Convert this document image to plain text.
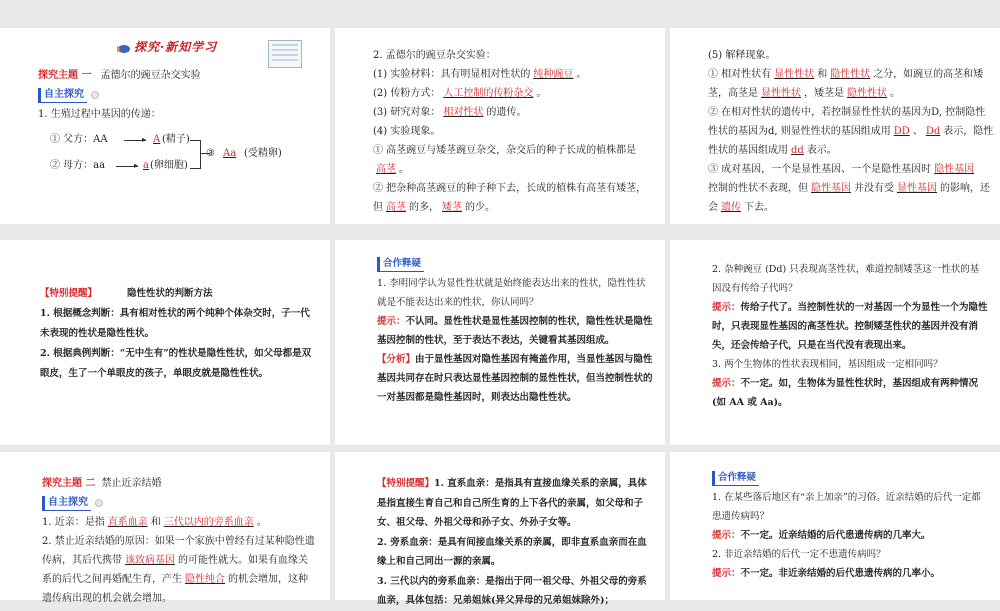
探究·新知学习

探究主题 一 孟德尔的豌豆杂交实验

自主探究

1. 生殖过程中基因的传递：

① 父方：AA	▸ A (精子)
② 母方：aa	▸ a (卵细胞)
③ Aa (受精卵)

2. 孟德尔的豌豆杂交实验：

(1) 实验材料：具有明显相对性状的 纯种豌豆 。

(2) 传粉方式： 人工控制的传粉杂交 。

(3) 研究对象： 相对性状 的遗传。

(4) 实验现象。

① 高茎豌豆与矮茎豌豆杂交，杂交后的种子长成的植株都是

高茎 。

② 把杂种高茎豌豆的种子种下去，长成的植株有高茎有矮茎，

但 高茎 的多， 矮茎 的少。

(5) 解释现象。

① 相对性状有 显性性状 和 隐性性状 之分，如豌豆的高茎和矮

茎，高茎是 显性性状 ，矮茎是 隐性性状 。

② 在相对性状的遗传中，若控制显性性状的基因为D, 控制隐性

性状的基因为d, 则显性性状的基因组成用 DD 、 Dd 表示，隐性

性状的基因组成用 dd 表示。

③ 成对基因，一个是显性基因、一个是隐性基因时 隐性基因

控制的性状不表现，但 隐性基因 并没有受 显性基因 的影响，还

会 遗传 下去。

【特别提醒】	隐性性状的判断方法

1. 根据概念判断：具有相对性状的两个纯种个体杂交时，子一代未表现的性状是隐性性状。

2. 根据典例判断：“无中生有”的性状是隐性性状，如父母都是双眼皮，生了一个单眼皮的孩子，单眼皮就是隐性性状。

合作释疑

1. 李明同学认为显性性状就是始终能表达出来的性状，隐性性状就是不能表达出来的性状，你认同吗？

提示：不认同。显性性状是显性基因控制的性状，隐性性状是隐性基因控制的性状，至于表达不表达，关键看其基因组成。

【分析】由于显性基因对隐性基因有掩盖作用，当显性基因与隐性基因共同存在时只表达显性基因控制的显性性状，但当控制性状的一对基因都是隐性基因时，则表达出隐性性状。

2. 杂种豌豆 (Dd) 只表现高茎性状，难道控制矮茎这一性状的基因没有传给子代吗？

提示：传给子代了。当控制性状的一对基因一个为显性一个为隐性时，只表现显性基因的高茎性状。控制矮茎性状的基因并没有消失，还会传给子代，只是在当代没有表现出来。

3. 两个生物体的性状表现相同，基因组成一定相同吗？

提示：不一定。如，生物体为显性性状时，基因组成有两种情况(如 AA 或 Aa)。

探究主题 二 禁止近亲结婚

自主探究

1. 近亲：是指 直系血亲 和 三代以内的旁系血亲 。

2. 禁止近亲结婚的原因：如果一个家族中曾经有过某种隐性遗传病，其后代携带 该致病基因 的可能性就大。如果有血缘关系的后代之间再婚配生育，产生 隐性纯合 的机会增加，这种遗传病出现的机会就会增加。

【特别提醒】1. 直系血亲：是指具有直接血缘关系的亲属，具体是指直接生育自己和自己所生育的上下各代的亲属，如父母和子女、祖父母、外祖父母和孙子女、外孙子女等。

2. 旁系血亲：是具有间接血缘关系的亲属，即非直系血亲而在血缘上和自己同出一源的亲属。

3. 三代以内的旁系血亲：是指出于同一祖父母、外祖父母的旁系血亲，具体包括：兄弟姐妹(异父异母的兄弟姐妹除外)；

合作释疑

1. 在某些落后地区有“亲上加亲”的习俗。近亲结婚的后代一定都患遗传病吗？

提示：不一定。近亲结婚的后代患遗传病的几率大。

2. 非近亲结婚的后代一定不患遗传病吗？

提示：不一定。非近亲结婚的后代患遗传病的几率小。
